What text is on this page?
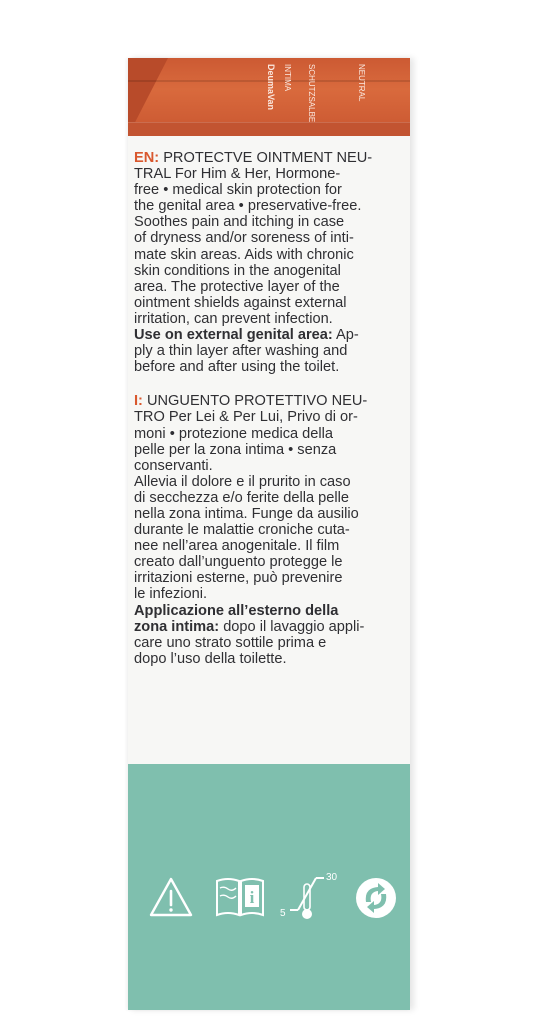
DeumaVan INTIMA	SCHUTZSALBE	NEUTRAL

EN: PROTECTVE OINTMENT NEU-

TRAL For Him & Her, Hormone-

free • medical skin protection for

the genital area • preservative-free.

Soothes pain and itching in case

of dryness and/or soreness of inti-

mate skin areas. Aids with chronic

skin conditions in the anogenital

area. The protective layer of the

ointment shields against external

irritation, can prevent infection.

Use on external genital area: Ap-

ply a thin layer after washing and

before and after using the toilet.

I: UNGUENTO PROTETTIVO NEU-

TRO Per Lei & Per Lui, Privo di or-

moni • protezione medica della

pelle per la zona intima • senza

conservanti.

Allevia il dolore e il prurito in caso

di secchezza e/o ferite della pelle

nella zona intima. Funge da ausilio

durante le malattie croniche cuta-

nee nell’area anogenitale. Il film

creato dall’unguento protegge le

irritazioni esterne, può prevenire

le infezioni.

Applicazione all’esterno della

zona intima: dopo il lavaggio appli-

care uno strato sottile prima e

dopo l’uso della toilette.

i
30
5
